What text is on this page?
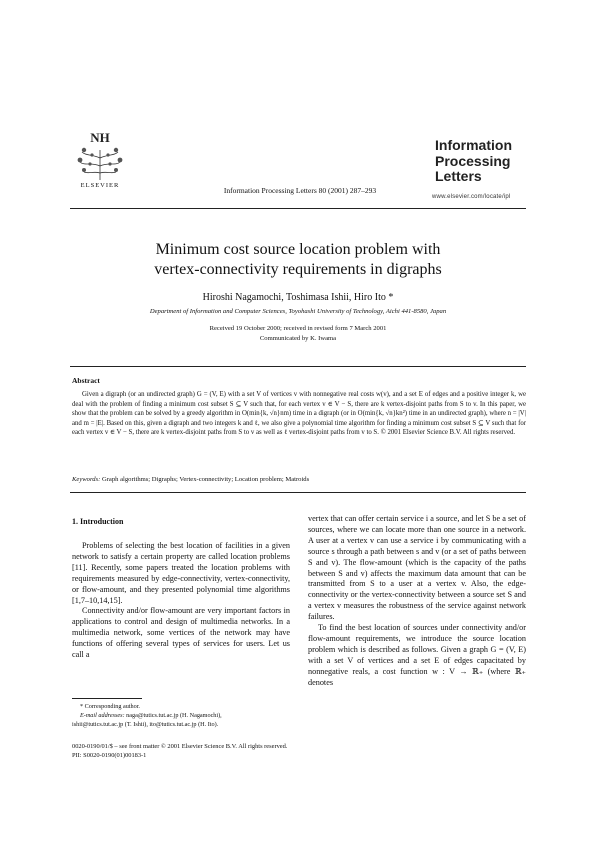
NH
ELSEVIER
Information Processing Letters 80 (2001) 287–293
Information
Processing
Letters
www.elsevier.com/locate/ipl
Minimum cost source location problem with
vertex-connectivity requirements in digraphs
Hiroshi Nagamochi, Toshimasa Ishii, Hiro Ito *
Department of Information and Computer Sciences, Toyohashi University of Technology, Aichi 441-8580, Japan
Received 19 October 2000; received in revised form 7 March 2001
Communicated by K. Iwama
Abstract
Given a digraph (or an undirected graph) G = (V, E) with a set V of vertices v with nonnegative real costs w(v), and a set E of edges and a positive integer k, we deal with the problem of finding a minimum cost subset S ⊆ V such that, for each vertex v ∈ V − S, there are k vertex-disjoint paths from S to v. In this paper, we show that the problem can be solved by a greedy algorithm in O(min{k, √n}nm) time in a digraph (or in O(min{k, √n}kn²) time in an undirected graph), where n = |V| and m = |E|. Based on this, given a digraph and two integers k and ℓ, we also give a polynomial time algorithm for finding a minimum cost subset S ⊆ V such that for each vertex v ∈ V − S, there are k vertex-disjoint paths from S to v as well as ℓ vertex-disjoint paths from v to S. © 2001 Elsevier Science B.V. All rights reserved.
Keywords: Graph algorithms; Digraphs; Vertex-connectivity; Location problem; Matroids
1. Introduction

Problems of selecting the best location of facilities in a given network to satisfy a certain property are called location problems [11]. Recently, some papers treated the location problems with requirements measured by edge-connectivity, vertex-connectivity, or flow-amount, and they presented polynomial time algorithms [1,7–10,14,15].

Connectivity and/or flow-amount are very important factors in applications to control and design of multimedia networks. In a multimedia network, some vertices of the network may have functions of offering several types of services for users. Let us call a

vertex that can offer certain service i a source, and let S be a set of sources, where we can locate more than one source in a network. A user at a vertex v can use a service i by communicating with a source s through a path between s and v (or a set of paths between S and v). The flow-amount (which is the capacity of the paths between S and v) affects the maximum data amount that can be transmitted from S to a user at a vertex v. Also, the edge-connectivity or the vertex-connectivity between a source set S and a vertex v measures the robustness of the service against network failures.

To find the best location of sources under connectivity and/or flow-amount requirements, we introduce the source location problem which is described as follows. Given a graph G = (V, E) with a set V of vertices and a set E of edges capacitated by nonnegative reals, a cost function w : V → ℝ₊ (where ℝ₊ denotes

* Corresponding author.
E-mail addresses: naga@tutics.tut.ac.jp (H. Nagamochi),
ishii@tutics.tut.ac.jp (T. Ishii), ito@tutics.tut.ac.jp (H. Ito).
0020-0190/01/$ – see front matter © 2001 Elsevier Science B.V. All rights reserved.
PII: S0020-0190(01)00183-1
